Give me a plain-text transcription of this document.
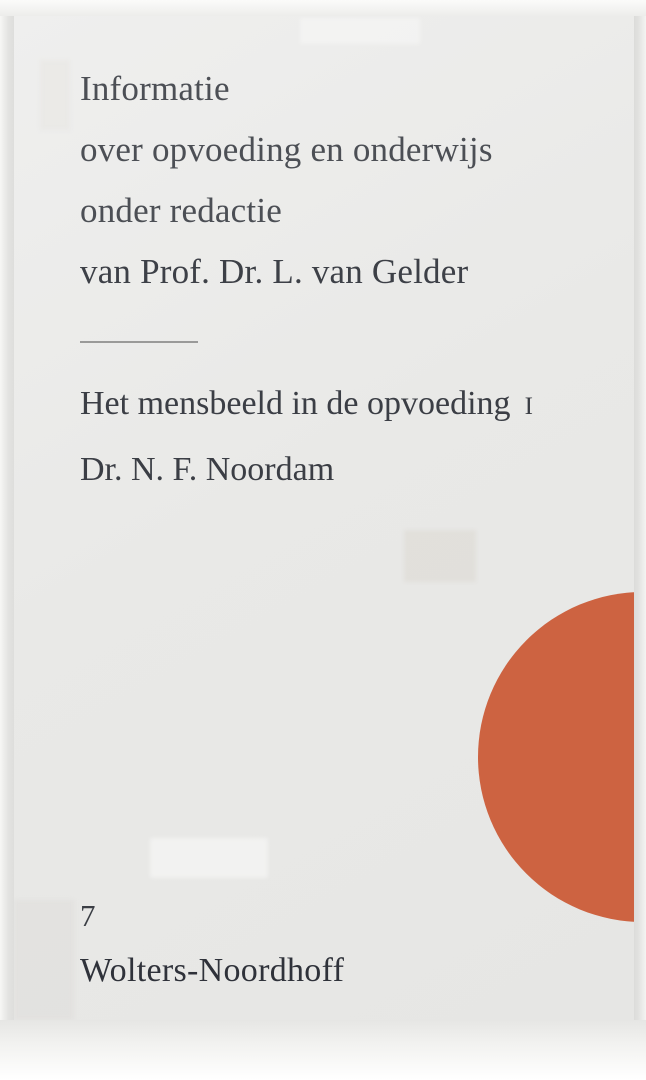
Informatie
over opvoeding en onderwijs
onder redactie
van Prof. Dr. L. van Gelder
Het mensbeeld in de opvoeding I
Dr. N. F. Noordam
7
Wolters-Noordhoff
